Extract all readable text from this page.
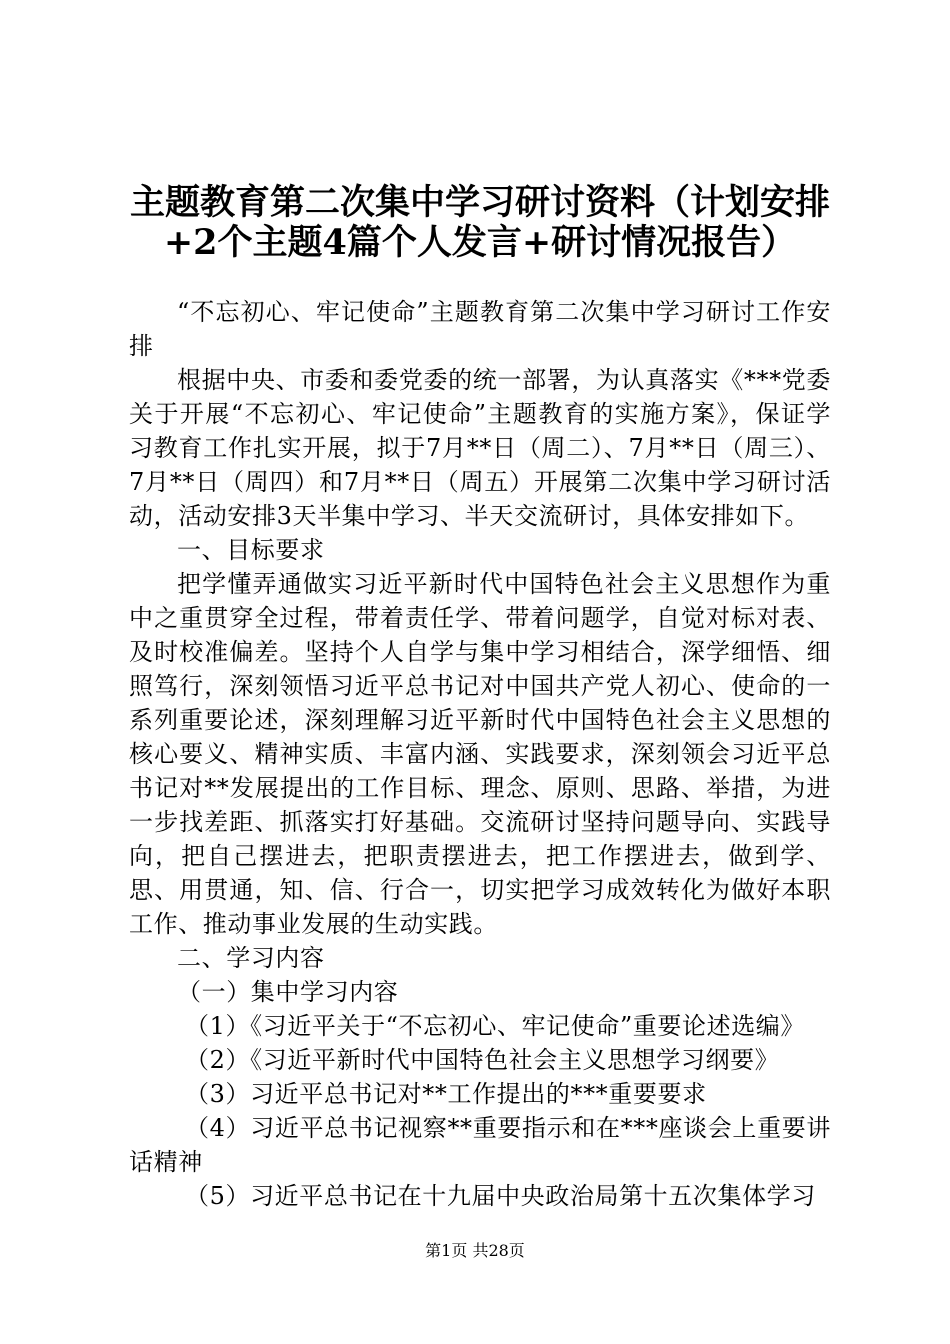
主题教育第二次集中学习研讨资料（计划安排
+2个主题4篇个人发言+研讨情况报告）

“不忘初心、牢记使命”主题教育第二次集中学习研讨工作安排

根据中央、市委和委党委的统一部署，为认真落实《***党委关于开展“不忘初心、牢记使命”主题教育的实施方案》，保证学习教育工作扎实开展，拟于7月**日（周二）、7月**日（周三）、7月**日（周四）和7月**日（周五）开展第二次集中学习研讨活动，活动安排3天半集中学习、半天交流研讨，具体安排如下。

一、目标要求

把学懂弄通做实习近平新时代中国特色社会主义思想作为重中之重贯穿全过程，带着责任学、带着问题学，自觉对标对表、及时校准偏差。坚持个人自学与集中学习相结合，深学细悟、细照笃行，深刻领悟习近平总书记对中国共产党人初心、使命的一系列重要论述，深刻理解习近平新时代中国特色社会主义思想的核心要义、精神实质、丰富内涵、实践要求，深刻领会习近平总书记对**发展提出的工作目标、理念、原则、思路、举措，为进一步找差距、抓落实打好基础。交流研讨坚持问题导向、实践导向，把自己摆进去，把职责摆进去，把工作摆进去，做到学、思、用贯通，知、信、行合一，切实把学习成效转化为做好本职工作、推动事业发展的生动实践。

二、学习内容

（一）集中学习内容

（1）《习近平关于“不忘初心、牢记使命”重要论述选编》

（2）《习近平新时代中国特色社会主义思想学习纲要》

（3）习近平总书记对**工作提出的***重要要求

（4）习近平总书记视察**重要指示和在***座谈会上重要讲话精神

（5）习近平总书记在十九届中央政治局第十五次集体学习

第1页 共28页
